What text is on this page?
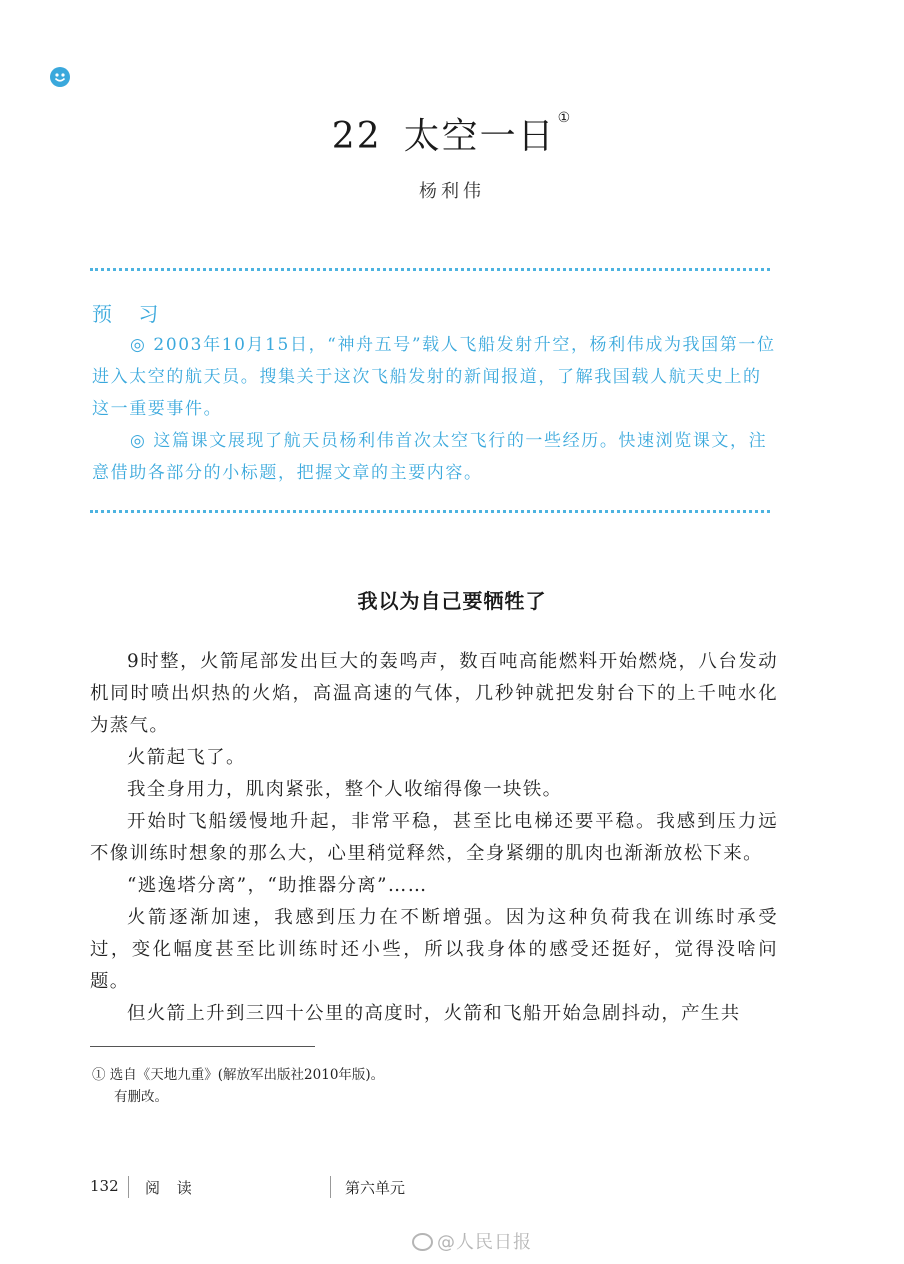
22 太空一日 ①
杨利伟
预 习
◎ 2003年10月15日，“神舟五号”载人飞船发射升空，杨利伟成为我国第一位进入太空的航天员。搜集关于这次飞船发射的新闻报道，了解我国载人航天史上的这一重要事件。
◎ 这篇课文展现了航天员杨利伟首次太空飞行的一些经历。快速浏览课文，注意借助各部分的小标题，把握文章的主要内容。
我以为自己要牺牲了

9时整，火箭尾部发出巨大的轰鸣声，数百吨高能燃料开始燃烧，八台发动机同时喷出炽热的火焰，高温高速的气体，几秒钟就把发射台下的上千吨水化为蒸气。

火箭起飞了。

我全身用力，肌肉紧张，整个人收缩得像一块铁。

开始时飞船缓慢地升起，非常平稳，甚至比电梯还要平稳。我感到压力远不像训练时想象的那么大，心里稍觉释然，全身紧绷的肌肉也渐渐放松下来。

“逃逸塔分离”，“助推器分离”……

火箭逐渐加速，我感到压力在不断增强。因为这种负荷我在训练时承受过，变化幅度甚至比训练时还小些，所以我身体的感受还挺好，觉得没啥问题。

但火箭上升到三四十公里的高度时，火箭和飞船开始急剧抖动，产生共

① 选自《天地九重》(解放军出版社2010年版)。
有删改。
132 阅 读	第六单元
@人民日报
